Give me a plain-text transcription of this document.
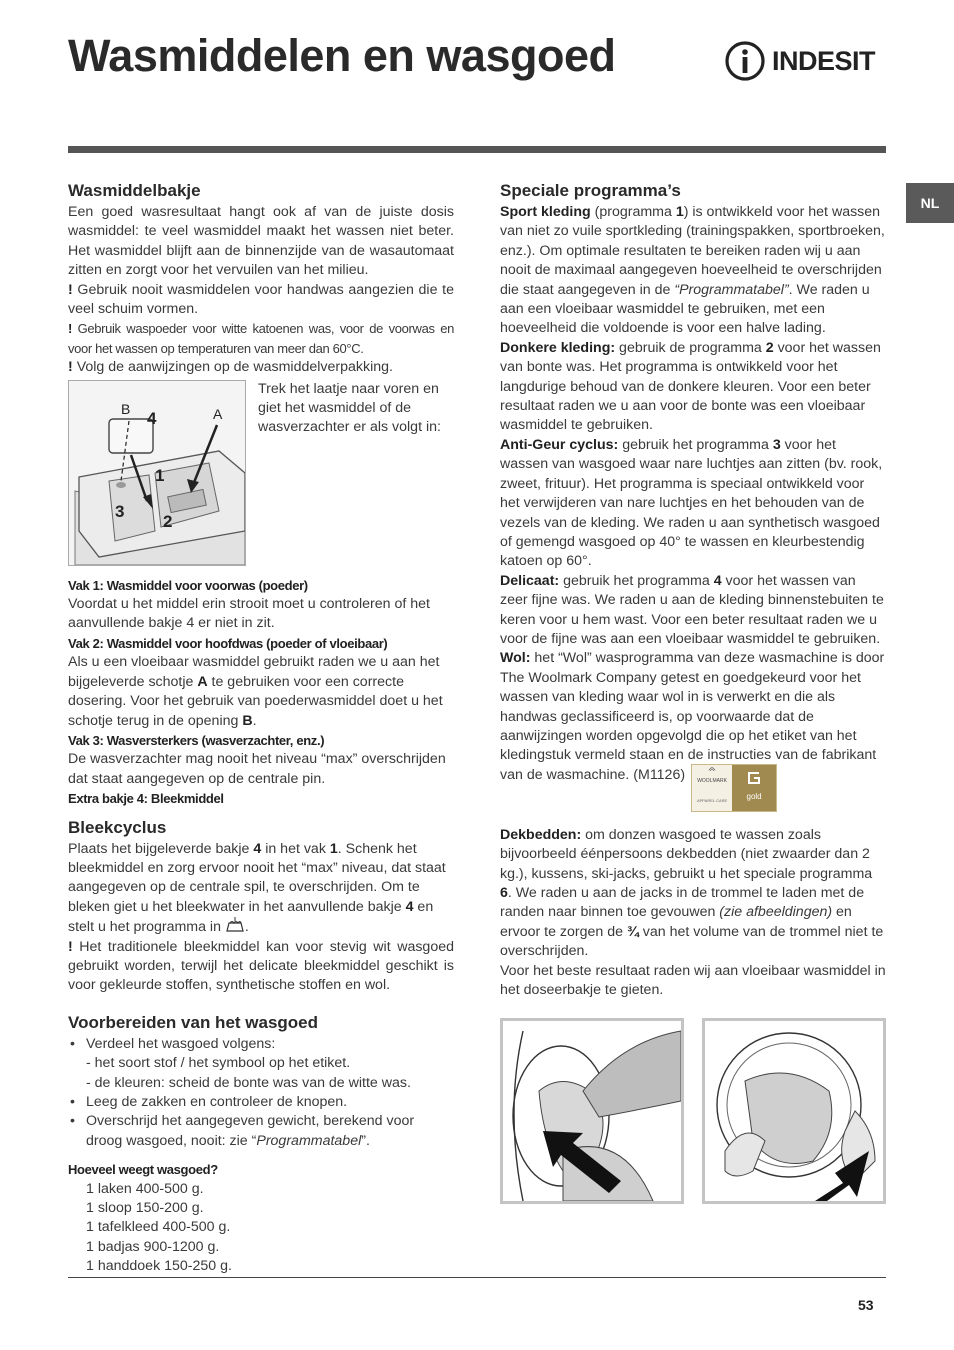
Wasmiddelen en wasgoed	INDESIT
NL
Wasmiddelbakje

Een goed wasresultaat hangt ook af van de juiste dosis wasmiddel: te veel wasmiddel maakt het wassen niet beter. Het wasmiddel blijft aan de binnenzijde van de wasautomaat zitten en zorgt voor het vervuilen van het milieu.

! Gebruik nooit wasmiddelen voor handwas aangezien die te veel schuim vormen.

! Gebruik waspoeder voor witte katoenen was, voor de voorwas en voor het wassen op temperaturen van meer dan 60°C.

! Volg de aanwijzingen op de wasmiddelverpakking.

B 4	A
1
3
2
Trek het laatje naar voren en giet het wasmiddel of de wasverzachter er als volgt in:

Vak 1: Wasmiddel voor voorwas (poeder)

Voordat u het middel erin strooit moet u controleren of het aanvullende bakje 4 er niet in zit.

Vak 2: Wasmiddel voor hoofdwas (poeder of vloeibaar)

Als u een vloeibaar wasmiddel gebruikt raden we u aan het bijgeleverde schotje A te gebruiken voor een correcte dosering. Voor het gebruik van poederwasmiddel doet u het schotje terug in de opening B.

Vak 3: Wasversterkers (wasverzachter, enz.)

De wasverzachter mag nooit het niveau “max” overschrijden dat staat aangegeven op de centrale pin.

Extra bakje 4: Bleekmiddel

Bleekcyclus

Plaats het bijgeleverde bakje 4 in het vak 1. Schenk het bleekmiddel en zorg ervoor nooit het “max” niveau, dat staat aangegeven op de centrale spil, te overschrijden. Om te bleken giet u het bleekwater in het aanvullende bakje 4 en stelt u het programma in .

! Het traditionele bleekmiddel kan voor stevig wit wasgoed gebruikt worden, terwijl het delicate bleekmiddel geschikt is voor gekleurde stoffen, synthetische stoffen en wol.

Voorbereiden van het wasgoed
• Verdeel het wasgoed volgens:
- het soort stof / het symbool op het etiket.
- de kleuren: scheid de bonte was van de witte was.
• Leeg de zakken en controleer de knopen.
• Overschrijd het aangegeven gewicht, berekend voor droog wasgoed, nooit: zie “Programmatabel”.

Hoeveel weegt wasgoed?

1 laken 400-500 g.

1 sloop 150-200 g.

1 tafelkleed 400-500 g.

1 badjas 900-1200 g.

1 handdoek 150-250 g.

Speciale programma’s

Sport kleding (programma 1) is ontwikkeld voor het wassen van niet zo vuile sportkleding (trainingspakken, sportbroeken, enz.). Om optimale resultaten te bereiken raden wij u aan nooit de maximaal aangegeven hoeveelheid te overschrijden die staat aangegeven in de “Programmatabel”. We raden u aan een vloeibaar wasmiddel te gebruiken, met een hoeveelheid die voldoende is voor een halve lading.

Donkere kleding: gebruik de programma 2 voor het wassen van bonte was. Het programma is ontwikkeld voor het langdurige behoud van de donkere kleuren. Voor een beter resultaat raden we u aan voor de bonte was een vloeibaar wasmiddel te gebruiken.

Anti-Geur cyclus: gebruik het programma 3 voor het wassen van wasgoed waar nare luchtjes aan zitten (bv. rook, zweet, frituur). Het programma is speciaal ontwikkeld voor het verwijderen van nare luchtjes en het behouden van de vezels van de kleding. We raden u aan synthetisch wasgoed of gemengd wasgoed op 40° te wassen en kleurbestendig katoen op 60°.

Delicaat: gebruik het programma 4 voor het wassen van zeer fijne was. We raden u aan de kleding binnenstebuiten te keren voor u hem wast. Voor een beter resultaat raden we u voor de fijne was aan een vloeibaar wasmiddel te gebruiken.

Wol: het “Wol” wasprogramma van deze wasmachine is door The Woolmark Company getest en goedgekeurd voor het wassen van kleding waar wol in is verwerkt en die als handwas geclassificeerd is, op voorwaarde dat de aanwijzingen worden opgevolgd die op het etiket van het kledingstuk vermeld staan en de instructies van de fabrikant van de wasmachine. (M1126) WOOLMARK
APPAREL CARE gold

Dekbedden: om donzen wasgoed te wassen zoals bijvoorbeeld éénpersoons dekbedden (niet zwaarder dan 2 kg.), kussens, ski-jacks, gebruikt u het speciale programma 6. We raden u aan de jacks in de trommel te laden met de randen naar binnen toe gevouwen (zie afbeeldingen) en ervoor te zorgen de ¾ van het volume van de trommel niet te overschrijden.

Voor het beste resultaat raden wij aan vloeibaar wasmiddel in het doseerbakje te gieten.

53
